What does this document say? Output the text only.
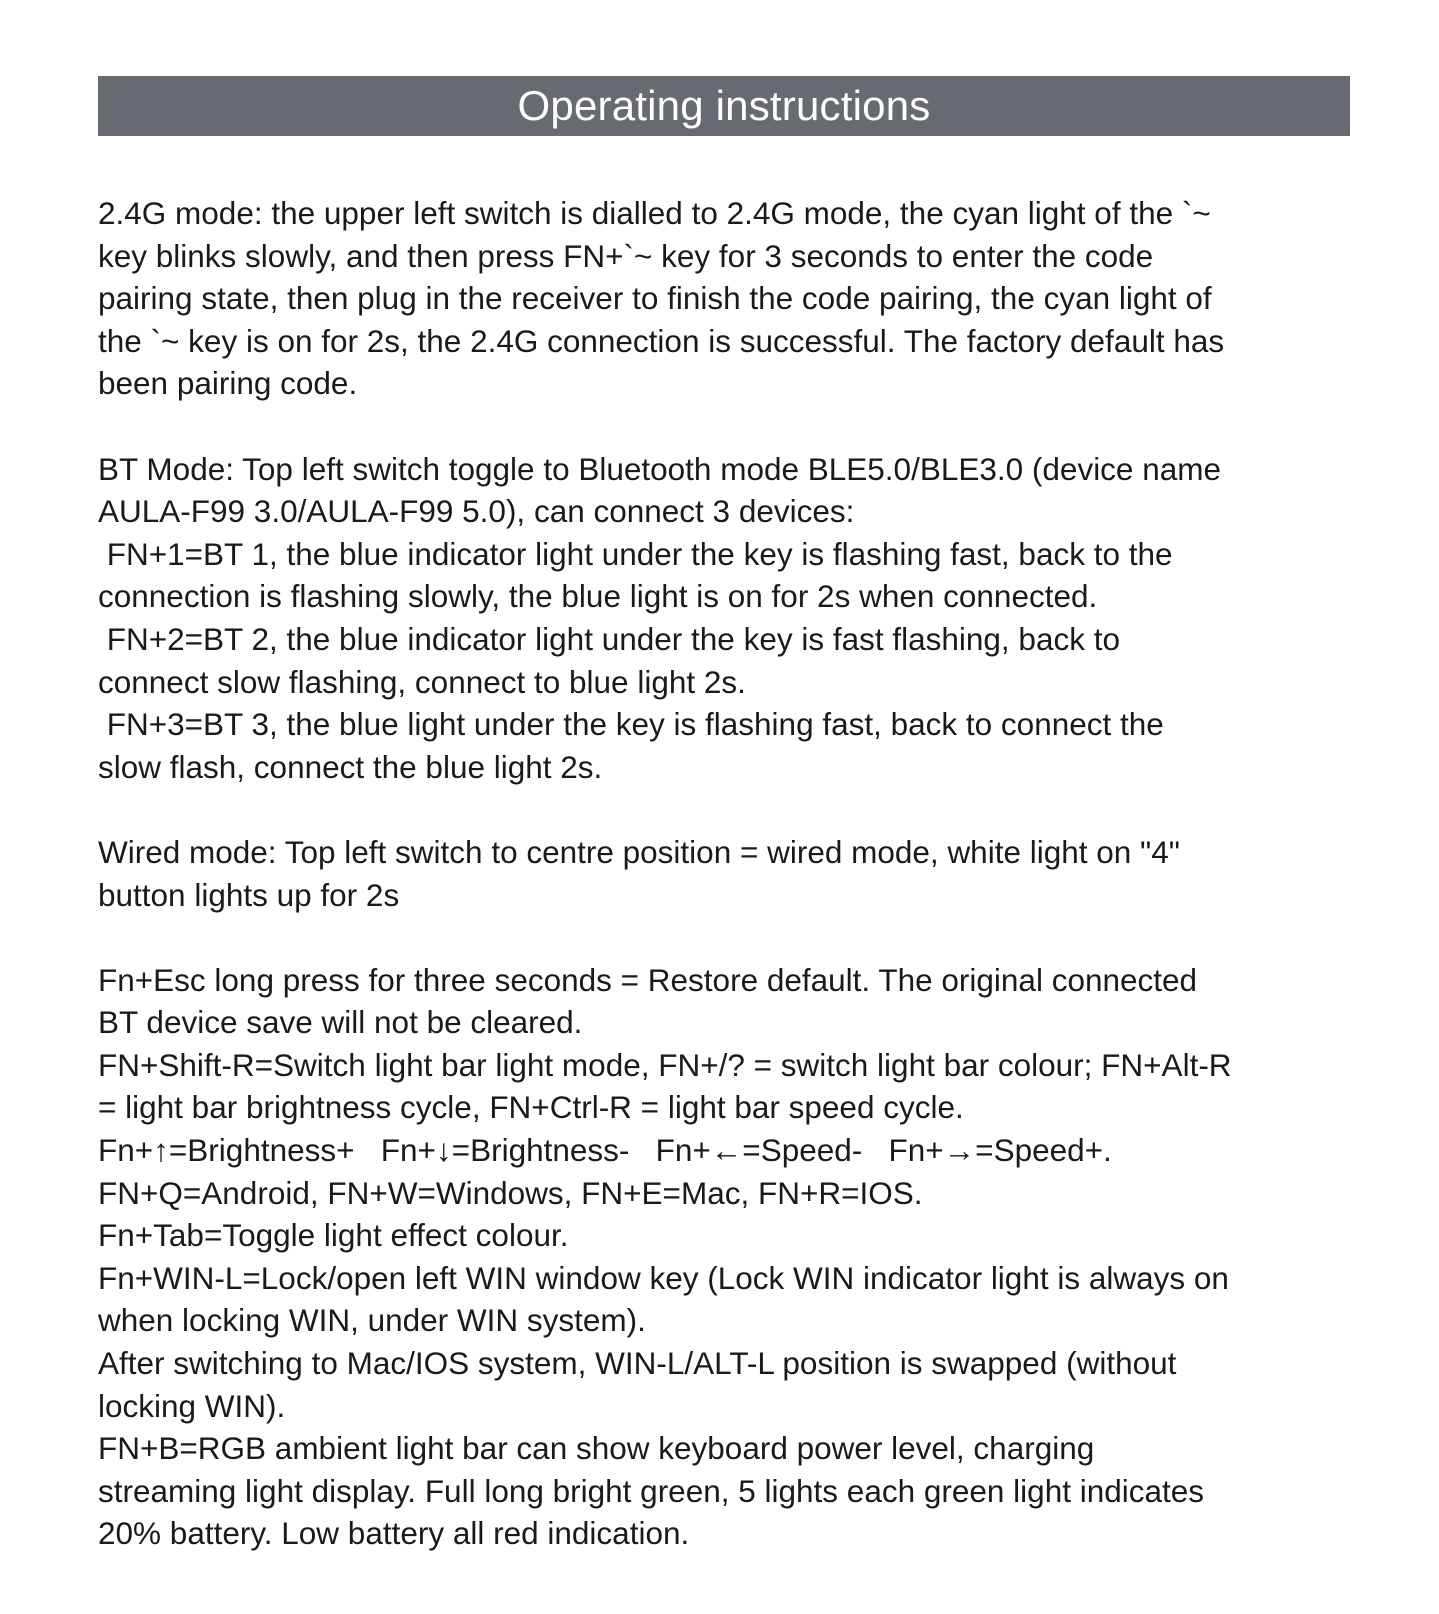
Operating instructions
2.4G mode: the upper left switch is dialled to 2.4G mode, the cyan light of the `~
key blinks slowly, and then press FN+`~ key for 3 seconds to enter the code
pairing state, then plug in the receiver to finish the code pairing, the cyan light of
the `~ key is on for 2s, the 2.4G connection is successful. The factory default has
been pairing code.
BT Mode: Top left switch toggle to Bluetooth mode BLE5.0/BLE3.0 (device name
AULA-F99 3.0/AULA-F99 5.0), can connect 3 devices:
FN+1=BT 1, the blue indicator light under the key is flashing fast, back to the
connection is flashing slowly, the blue light is on for 2s when connected.
FN+2=BT 2, the blue indicator light under the key is fast flashing, back to
connect slow flashing, connect to blue light 2s.
FN+3=BT 3, the blue light under the key is flashing fast, back to connect the
slow flash, connect the blue light 2s.
Wired mode: Top left switch to centre position = wired mode, white light on "4"
button lights up for 2s
Fn+Esc long press for three seconds = Restore default. The original connected
BT device save will not be cleared.
FN+Shift-R=Switch light bar light mode, FN+/? = switch light bar colour; FN+Alt-R
= light bar brightness cycle, FN+Ctrl-R = light bar speed cycle.
Fn+↑=Brightness+   Fn+↓=Brightness-   Fn+←=Speed-   Fn+→=Speed+.
FN+Q=Android, FN+W=Windows, FN+E=Mac, FN+R=IOS.
Fn+Tab=Toggle light effect colour.
Fn+WIN-L=Lock/open left WIN window key (Lock WIN indicator light is always on
when locking WIN, under WIN system).
After switching to Mac/IOS system, WIN-L/ALT-L position is swapped (without
locking WIN).
FN+B=RGB ambient light bar can show keyboard power level, charging
streaming light display. Full long bright green, 5 lights each green light indicates
20% battery. Low battery all red indication.
